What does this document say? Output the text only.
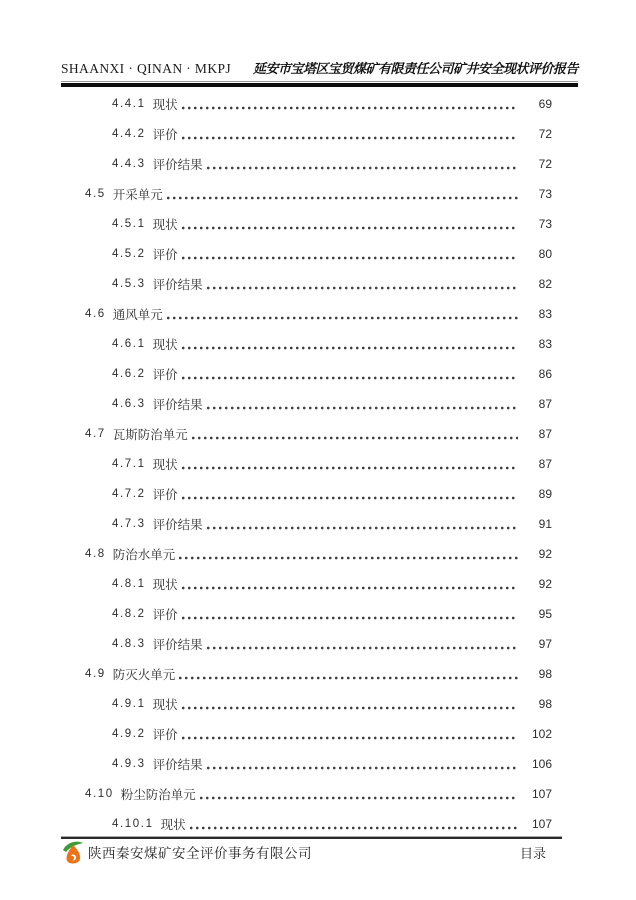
SHAANXI · QINAN · MKPJ 延安市宝塔区宝贸煤矿有限责任公司矿井安全现状评价报告
4.4.1 现状	69
4.4.2 评价	72
4.4.3 评价结果	72
4.5 开采单元	73
4.5.1 现状	73
4.5.2 评价	80
4.5.3 评价结果	82
4.6 通风单元	83
4.6.1 现状	83
4.6.2 评价	86
4.6.3 评价结果	87
4.7 瓦斯防治单元	87
4.7.1 现状	87
4.7.2 评价	89
4.7.3 评价结果	91
4.8 防治水单元	92
4.8.1 现状	92
4.8.2 评价	95
4.8.3 评价结果	97
4.9 防灭火单元	98
4.9.1 现状	98
4.9.2 评价	102
4.9.3 评价结果	106
4.10 粉尘防治单元	107
4.10.1 现状	107
陕西秦安煤矿安全评价事务有限公司	目录
